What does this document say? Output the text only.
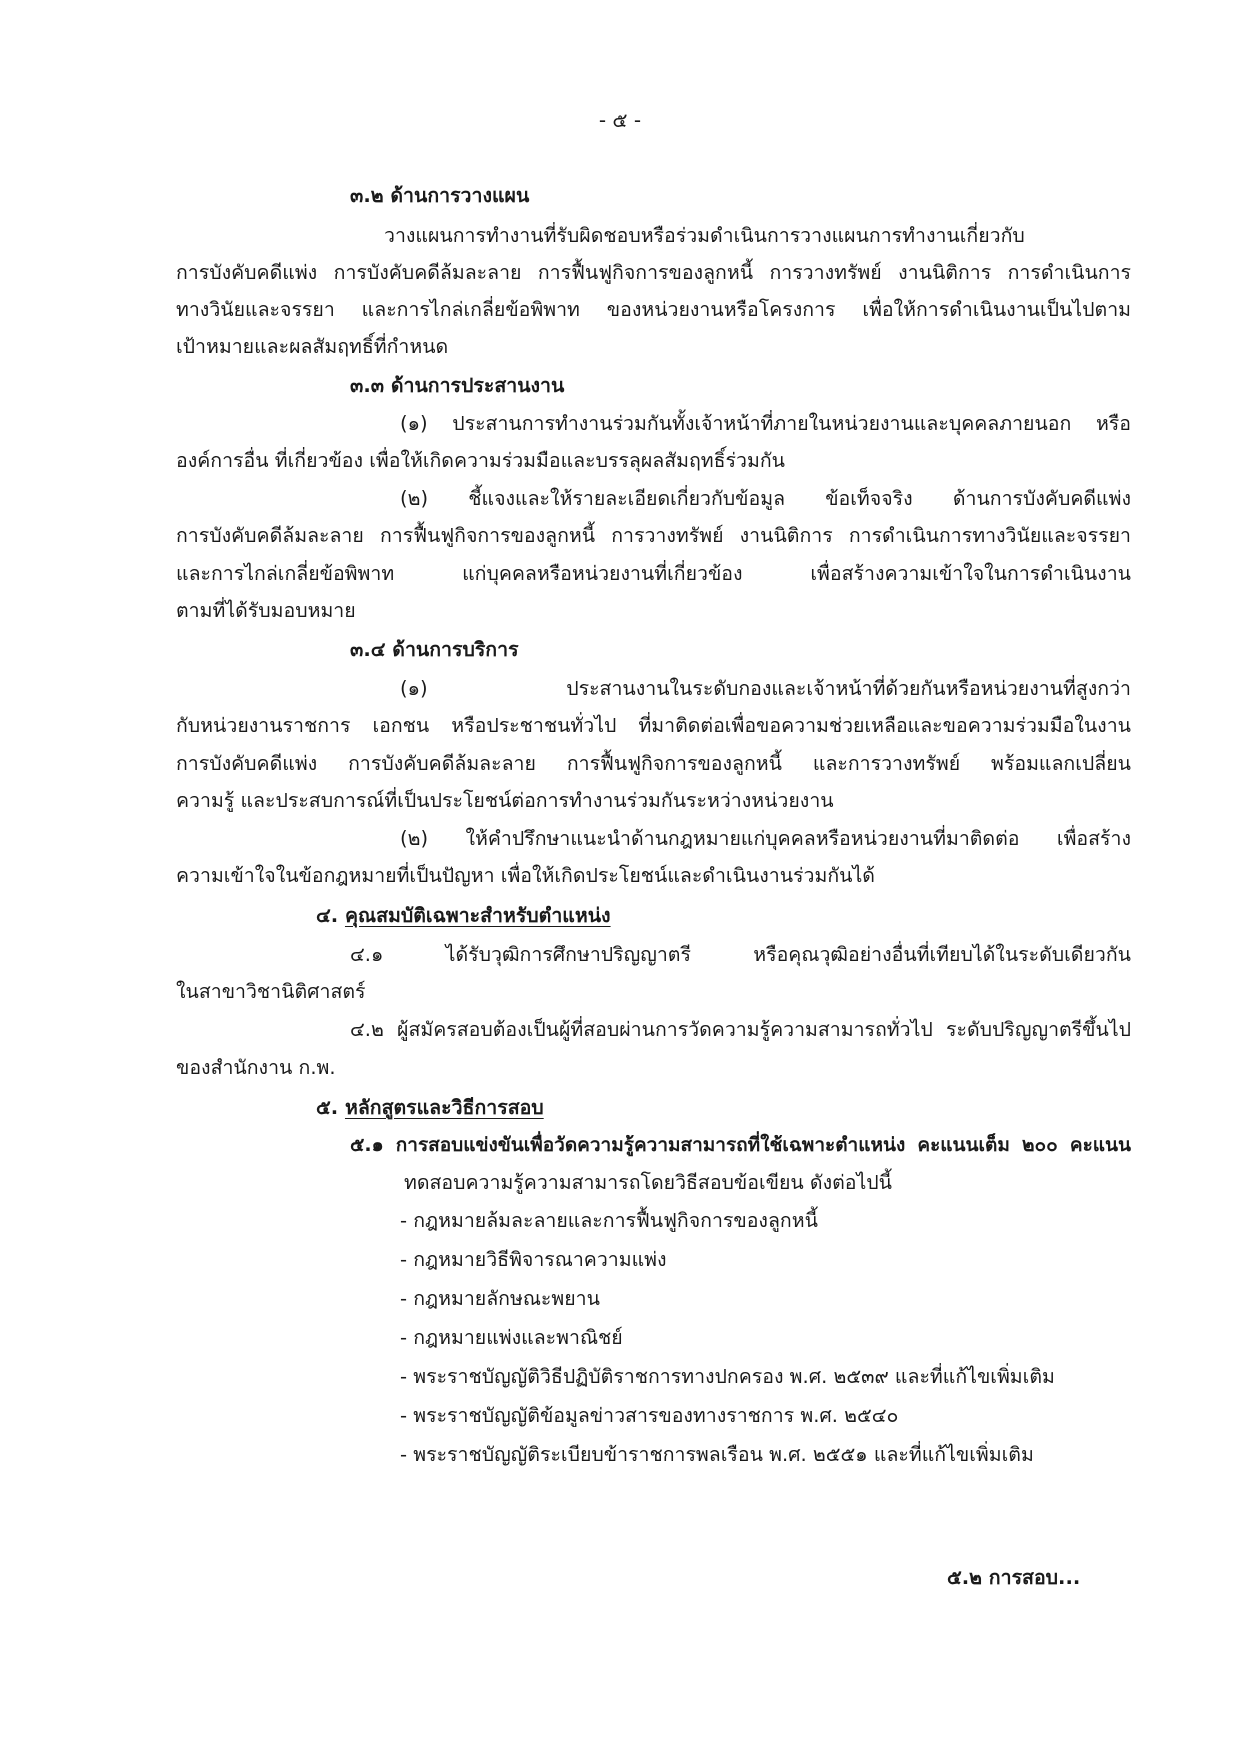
- ๕ -
๓.๒ ด้านการวางแผน
วางแผนการทำงานที่รับผิดชอบหรือร่วมดำเนินการวางแผนการทำงานเกี่ยวกับ
การบังคับคดีแพ่ง การบังคับคดีล้มละลาย การฟื้นฟูกิจการของลูกหนี้ การวางทรัพย์ งานนิติการ การดำเนินการ
ทางวินัยและจรรยา และการไกล่เกลี่ยข้อพิพาท ของหน่วยงานหรือโครงการ เพื่อให้การดำเนินงานเป็นไปตาม
เป้าหมายและผลสัมฤทธิ์ที่กำหนด
๓.๓ ด้านการประสานงาน
(๑) ประสานการทำงานร่วมกันทั้งเจ้าหน้าที่ภายในหน่วยงานและบุคคลภายนอก หรือ
องค์การอื่น ที่เกี่ยวข้อง เพื่อให้เกิดความร่วมมือและบรรลุผลสัมฤทธิ์ร่วมกัน
(๒) ชี้แจงและให้รายละเอียดเกี่ยวกับข้อมูล ข้อเท็จจริง ด้านการบังคับคดีแพ่ง
การบังคับคดีล้มละลาย การฟื้นฟูกิจการของลูกหนี้ การวางทรัพย์ งานนิติการ การดำเนินการทางวินัยและจรรยา
และการไกล่เกลี่ยข้อพิพาท แก่บุคคลหรือหน่วยงานที่เกี่ยวข้อง เพื่อสร้างความเข้าใจในการดำเนินงาน
ตามที่ได้รับมอบหมาย
๓.๔ ด้านการบริการ
(๑) ประสานงานในระดับกองและเจ้าหน้าที่ด้วยกันหรือหน่วยงานที่สูงกว่า
กับหน่วยงานราชการ เอกชน หรือประชาชนทั่วไป ที่มาติดต่อเพื่อขอความช่วยเหลือและขอความร่วมมือในงาน
การบังคับคดีแพ่ง การบังคับคดีล้มละลาย การฟื้นฟูกิจการของลูกหนี้ และการวางทรัพย์ พร้อมแลกเปลี่ยน
ความรู้ และประสบการณ์ที่เป็นประโยชน์ต่อการทำงานร่วมกันระหว่างหน่วยงาน
(๒) ให้คำปรึกษาแนะนำด้านกฎหมายแก่บุคคลหรือหน่วยงานที่มาติดต่อ เพื่อสร้าง
ความเข้าใจในข้อกฎหมายที่เป็นปัญหา เพื่อให้เกิดประโยชน์และดำเนินงานร่วมกันได้
๔. คุณสมบัติเฉพาะสำหรับตำแหน่ง
๔.๑ ได้รับวุฒิการศึกษาปริญญาตรี หรือคุณวุฒิอย่างอื่นที่เทียบได้ในระดับเดียวกัน
ในสาขาวิชานิติศาสตร์
๔.๒ ผู้สมัครสอบต้องเป็นผู้ที่สอบผ่านการวัดความรู้ความสามารถทั่วไป ระดับปริญญาตรีขึ้นไป
ของสำนักงาน ก.พ.
๕. หลักสูตรและวิธีการสอบ
๕.๑ การสอบแข่งขันเพื่อวัดความรู้ความสามารถที่ใช้เฉพาะตำแหน่ง คะแนนเต็ม ๒๐๐ คะแนน
ทดสอบความรู้ความสามารถโดยวิธีสอบข้อเขียน ดังต่อไปนี้
- กฎหมายล้มละลายและการฟื้นฟูกิจการของลูกหนี้
- กฎหมายวิธีพิจารณาความแพ่ง
- กฎหมายลักษณะพยาน
- กฎหมายแพ่งและพาณิชย์
- พระราชบัญญัติวิธีปฏิบัติราชการทางปกครอง พ.ศ. ๒๕๓๙ และที่แก้ไขเพิ่มเติม
- พระราชบัญญัติข้อมูลข่าวสารของทางราชการ พ.ศ. ๒๕๔๐
- พระราชบัญญัติระเบียบข้าราชการพลเรือน พ.ศ. ๒๕๕๑ และที่แก้ไขเพิ่มเติม
๕.๒ การสอบ...
